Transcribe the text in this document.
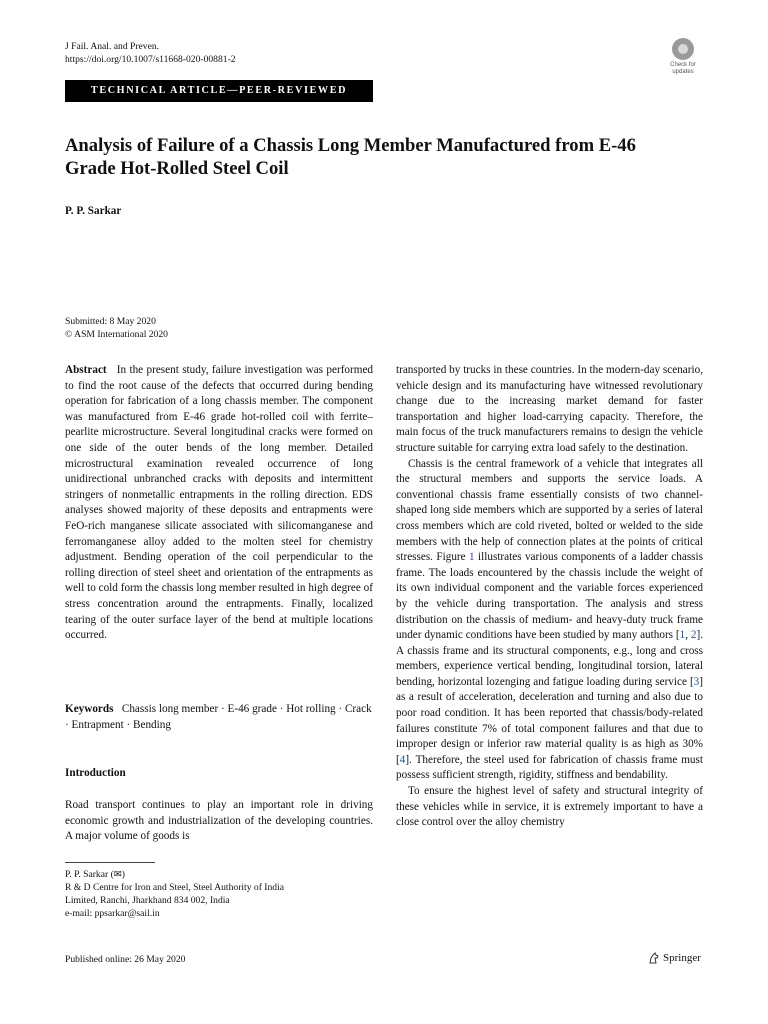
J Fail. Anal. and Preven.
https://doi.org/10.1007/s11668-020-00881-2	Check for
updates
TECHNICAL ARTICLE—PEER-REVIEWED
Analysis of Failure of a Chassis Long Member Manufactured from E-46 Grade Hot-Rolled Steel Coil
P. P. Sarkar
Submitted: 8 May 2020
© ASM International 2020

Abstract In the present study, failure investigation was performed to find the root cause of the defects that occurred during bending operation for fabrication of a long chassis member. The component was manufactured from E-46 grade hot-rolled coil with ferrite–pearlite microstructure. Several longitudinal cracks were formed on one side of the outer bends of the long member. Detailed microstructural examination revealed occurrence of long unidirectional unbranched cracks with deposits and intermittent stringers of nonmetallic entrapments in the rolling direction. EDS analyses showed majority of these deposits and entrapments were FeO-rich manganese silicate associated with silicomanganese and ferromanganese alloy added to the molten steel for chemistry adjustment. Bending operation of the coil perpendicular to the rolling direction of steel sheet and orientation of the entrapments as well to cold form the chassis long member resulted in high degree of stress concentration around the entrapments. Finally, localized tearing of the outer surface layer of the bend at multiple locations occurred.

Keywords Chassis long member · E-46 grade · Hot rolling · Crack · Entrapment · Bending

Introduction

Road transport continues to play an important role in driving economic growth and industrialization of the developing countries. A major volume of goods is

transported by trucks in these countries. In the modern-day scenario, vehicle design and its manufacturing have witnessed revolutionary change due to the increasing market demand for faster transportation and higher load-carrying capacity. Therefore, the main focus of the truck manufacturers remains to design the vehicle structure suitable for carrying extra load safely to the destination.

Chassis is the central framework of a vehicle that integrates all the structural members and supports the service loads. A conventional chassis frame essentially consists of two channel-shaped long side members which are supported by a series of lateral cross members which are cold riveted, bolted or welded to the side members with the help of connection plates at the points of critical stresses. Figure 1 illustrates various components of a ladder chassis frame. The loads encountered by the chassis include the weight of its own individual component and the variable forces experienced by the vehicle during transportation. The analysis and stress distribution on the chassis of medium- and heavy-duty truck frame under dynamic conditions have been studied by many authors [1, 2]. A chassis frame and its structural components, e.g., long and cross members, experience vertical bending, longitudinal torsion, lateral bending, horizontal lozenging and fatigue loading during service [3] as a result of acceleration, deceleration and turning and also due to poor road condition. It has been reported that chassis/body-related failures constitute 7% of total component failures and that due to improper design or inferior raw material quality is as high as 30% [4]. Therefore, the steel used for fabrication of chassis frame must possess sufficient strength, rigidity, stiffness and bendability.

To ensure the highest level of safety and structural integrity of these vehicles while in service, it is extremely important to have a close control over the alloy chemistry

P. P. Sarkar (✉)
R & D Centre for Iron and Steel, Steel Authority of India
Limited, Ranchi, Jharkhand 834 002, India
e-mail: ppsarkar@sail.in
Published online: 26 May 2020	Springer
